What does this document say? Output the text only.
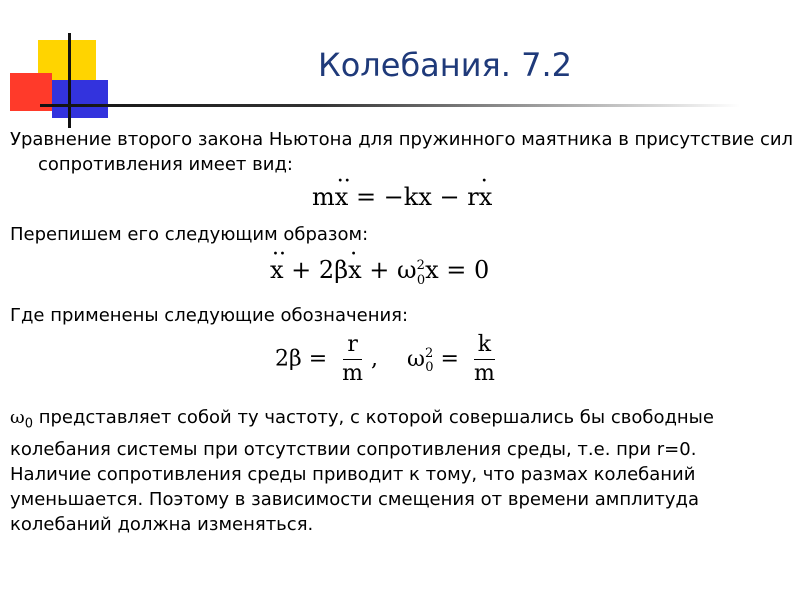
Колебания. 7.2
Уравнение второго закона Ньютона для пружинного маятника в присутствие сил сопротивления имеет вид:
m·· x = −kx − r· x
Перепишем его следующим образом:
·· $x + 2\beta\cdot x + \omega^2_0x = 0$
Где применены следующие обозначения:
$2\beta = \frac{r}{m}$ , $\omega^2_0 = \frac{k}{m}$
$\omega_0$ представляет собой ту частоту, с которой совершались бы свободные колебания системы при отсутствии сопротивления среды, т.е. при r=0. Наличие сопротивления среды приводит к тому, что размах колебаний уменьшается. Поэтому в зависимости смещения от времени амплитуда колебаний должна изменяться.
